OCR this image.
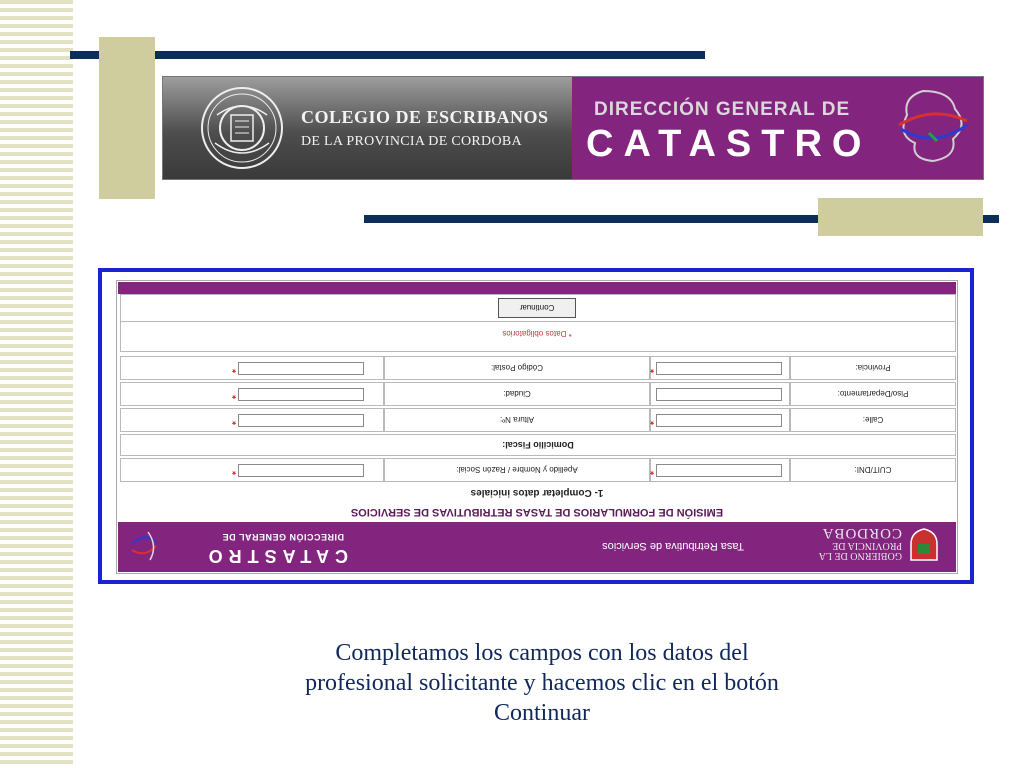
COLEGIO DE ESCRIBANOS
DE LA PROVINCIA DE CORDOBA
DIRECCIÓN GENERAL DE
CATASTRO
GOBIERNO DE LA
PROVINCIA DE
CORDOBA
Tasa Retributiva de Servicios
CATASTRO
DIRECCIÓN GENERAL DE
EMISIÓN DE FORMULARIOS DE TASAS RETRIBUTIVAS DE SERVICIOS
1- Completar datos iniciales
CUIT/DNI:
*
Apellido y Nombre / Razón Social:
*
Domicilio Fiscal:
Calle:
*
Altura Nº:
*
Piso/Departamento:
Ciudad:
*
Provincia:
*
Código Postal:
*
* Datos obligatorios
Continuar
Completamos los campos con los datos del
profesional solicitante y hacemos clic en el botón
Continuar
